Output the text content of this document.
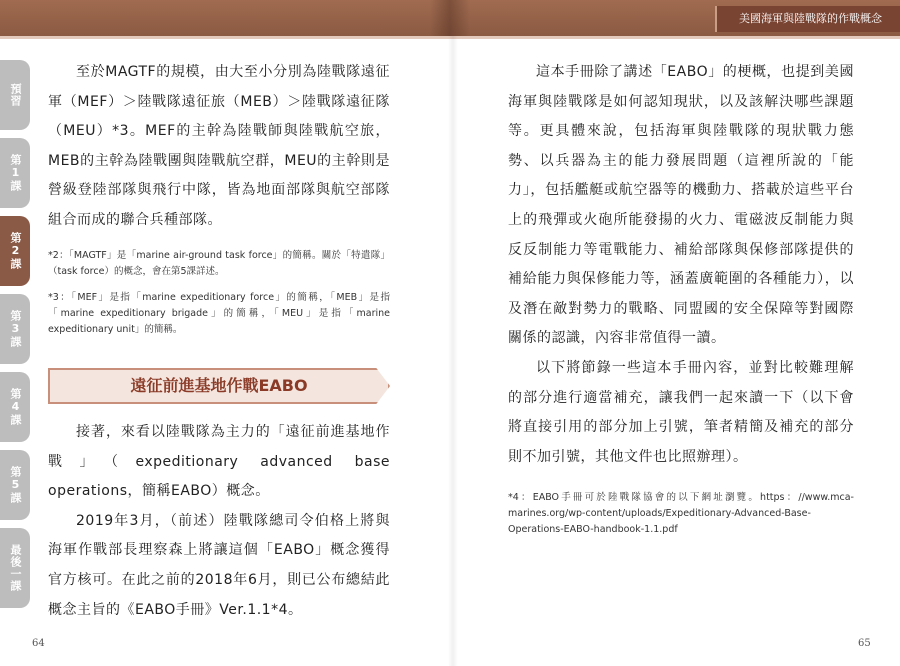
美國海軍與陸戰隊的作戰概念
預習
第1課
第2課
第3課
第4課
第5課
最後一課

至於MAGTF的規模，由大至小分別為陸戰隊遠征軍（MEF）＞陸戰隊遠征旅（MEB）＞陸戰隊遠征隊（MEU）*3。MEF的主幹為陸戰師與陸戰航空旅，MEB的主幹為陸戰團與陸戰航空群，MEU的主幹則是營級登陸部隊與飛行中隊，皆為地面部隊與航空部隊組合而成的聯合兵種部隊。

*2：「MAGTF」是「marine air-ground task force」的簡稱。關於「特遣隊」（task force）的概念，會在第5課詳述。

*3：「MEF」是指「marine expeditionary force」的簡稱，「MEB」是指「marine expeditionary brigade」的簡稱，「MEU」是指「marine expeditionary unit」的簡稱。

遠征前進基地作戰EABO

接著，來看以陸戰隊為主力的「遠征前進基地作戰」（expeditionary advanced base operations，簡稱EABO）概念。

2019年3月，（前述）陸戰隊總司令伯格上將與海軍作戰部長理察森上將讓這個「EABO」概念獲得官方核可。在此之前的2018年6月，則已公布總結此概念主旨的《EABO手冊》Ver.1.1*4。

這本手冊除了講述「EABO」的梗概，也提到美國海軍與陸戰隊是如何認知現狀，以及該解決哪些課題等。更具體來說，包括海軍與陸戰隊的現狀戰力態勢、以兵器為主的能力發展問題（這裡所說的「能力」，包括艦艇或航空器等的機動力、搭載於這些平台上的飛彈或火砲所能發揚的火力、電磁波反制能力與反反制能力等電戰能力、補給部隊與保修部隊提供的補給能力與保修能力等，涵蓋廣範圍的各種能力），以及潛在敵對勢力的戰略、同盟國的安全保障等對國際關係的認識，內容非常值得一讀。

以下將節錄一些這本手冊內容，並對比較難理解的部分進行適當補充，讓我們一起來讀一下（以下會將直接引用的部分加上引號，筆者精簡及補充的部分則不加引號，其他文件也比照辦理）。

*4：EABO手冊可於陸戰隊協會的以下網址瀏覽。https：//www.mca-marines.org/wp-content/uploads/Expeditionary-Advanced-Base-Operations-EABO-handbook-1.1.pdf

64	65
